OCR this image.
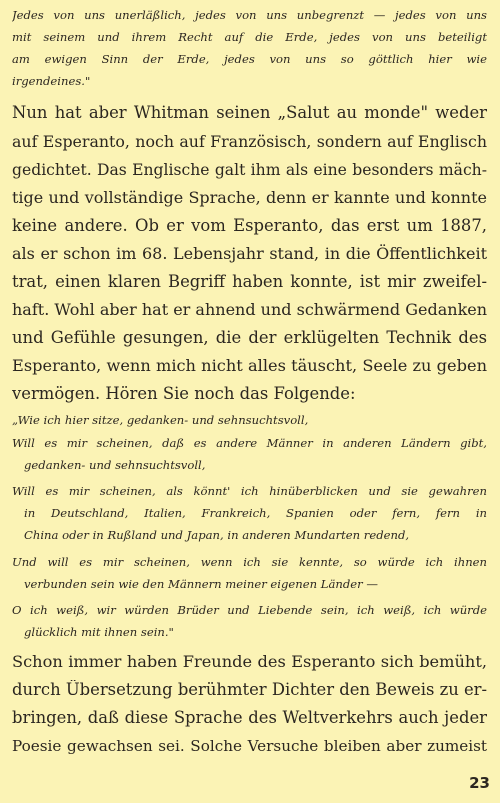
Jedes von uns unerläßlich, jedes von uns unbegrenzt — jedes von uns
mit seinem und ihrem Recht auf die Erde, jedes von uns beteiligt
am ewigen Sinn der Erde, jedes von uns so göttlich hier wie
irgendeines."
Nun hat aber Whitman seinen „Salut au monde" weder
auf Esperanto, noch auf Französisch, sondern auf Englisch
gedichtet. Das Englische galt ihm als eine besonders mäch-
tige und vollständige Sprache, denn er kannte und konnte
keine andere. Ob er vom Esperanto, das erst um 1887,
als er schon im 68. Lebensjahr stand, in die Öffentlichkeit
trat, einen klaren Begriff haben konnte, ist mir zweifel-
haft. Wohl aber hat er ahnend und schwärmend Gedanken
und Gefühle gesungen, die der erklügelten Technik des
Esperanto, wenn mich nicht alles täuscht, Seele zu geben
vermögen. Hören Sie noch das Folgende:
„Wie ich hier sitze, gedanken- und sehnsuchtsvoll,
Will es mir scheinen, daß es andere Männer in anderen Ländern gibt,
gedanken- und sehnsuchtsvoll,
Will es mir scheinen, als könnt' ich hinüberblicken und sie gewahren
in Deutschland, Italien, Frankreich, Spanien oder fern, fern in
China oder in Rußland und Japan, in anderen Mundarten redend,
Und will es mir scheinen, wenn ich sie kennte, so würde ich ihnen
verbunden sein wie den Männern meiner eigenen Länder —
O ich weiß, wir würden Brüder und Liebende sein, ich weiß, ich würde
glücklich mit ihnen sein."
Schon immer haben Freunde des Esperanto sich bemüht,
durch Übersetzung berühmter Dichter den Beweis zu er-
bringen, daß diese Sprache des Weltverkehrs auch jeder
Poesie gewachsen sei. Solche Versuche bleiben aber zumeist
23
